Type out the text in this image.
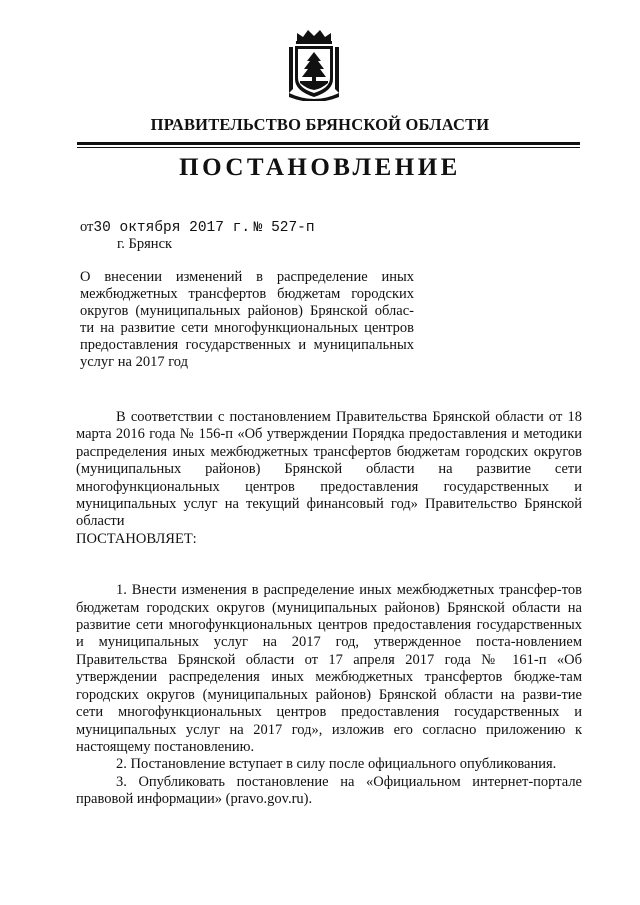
ПРАВИТЕЛЬСТВО БРЯНСКОЙ ОБЛАСТИ
ПОСТАНОВЛЕНИЕ
от30 октября 2017 г. № 527-п
г. Брянск
О внесении изменений в распределение иных межбюджетных трансфертов бюджетам городских округов (муниципальных районов) Брянской облас-ти на развитие сети многофункциональных центров предоставления государственных и муниципальных услуг на 2017 год

В соответствии с постановлением Правительства Брянской области от 18 марта 2016 года № 156-п «Об утверждении Порядка предоставления и методики распределения иных межбюджетных трансфертов бюджетам городских округов (муниципальных районов) Брянской области на развитие сети многофункциональных центров предоставления государственных и муниципальных услуг на текущий финансовый год» Правительство Брянской области

ПОСТАНОВЛЯЕТ:

1. Внести изменения в распределение иных межбюджетных трансфер-тов бюджетам городских округов (муниципальных районов) Брянской области на развитие сети многофункциональных центров предоставления государственных и муниципальных услуг на 2017 год, утвержденное поста-новлением Правительства Брянской области от 17 апреля 2017 года № 161-п «Об утверждении распределения иных межбюджетных трансфертов бюдже-там городских округов (муниципальных районов) Брянской области на разви-тие сети многофункциональных центров предоставления государственных и муниципальных услуг на 2017 год», изложив его согласно приложению к настоящему постановлению.

2. Постановление вступает в силу после официального опубликования.

3. Опубликовать постановление на «Официальном интернет-портале правовой информации» (pravo.gov.ru).
